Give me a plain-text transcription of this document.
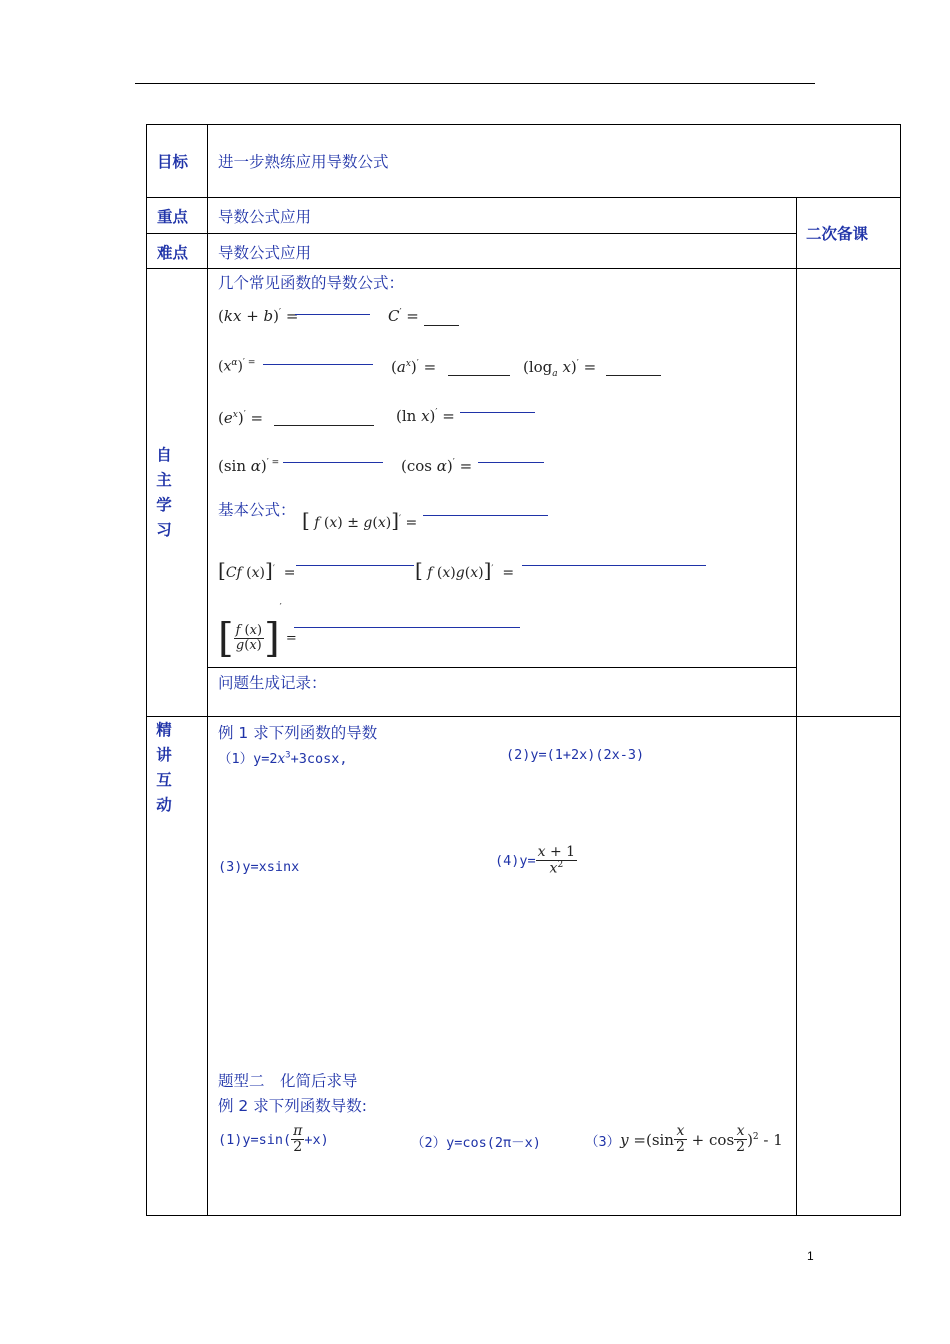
目标 进一步熟练应用导数公式
重点 导数公式应用
难点 导数公式应用
二次备课
自
主
学
习
精
讲
互
动
几个常见函数的导数公式：
(kx + b)′ =	C′ =
$(x^\alpha)^{' =}$	$(a^x)'$ =	($\log_a$ x)′ =
$(e^x)'$ =	(ln x)′ =
(sin α)′ =	(cos α)′ =
基本公式： [ f (x) ± g(x)]′ =
[Cf (x)]′  =	[ f (x)g(x)]′  =
[ $\frac{f (x)}{g(x)} ]'$ =
问题生成记录：
例 1 求下列函数的导数
$(1)y=2x^3+3\cos x$,	(2)y=(1+2x)(2x-3)
(3)y=xsinx	$(4)y= \frac{x + 1}{x^2}$
题型二　化简后求导
例 2 求下列函数导数:
$(1)y=\sin( \frac{\pi}{2} +x)$	（2）y=cos(2π－x)	$(3)y =(\sin \frac{x}{2} + \cos \frac{x}{2} )^2 - 1$
1
